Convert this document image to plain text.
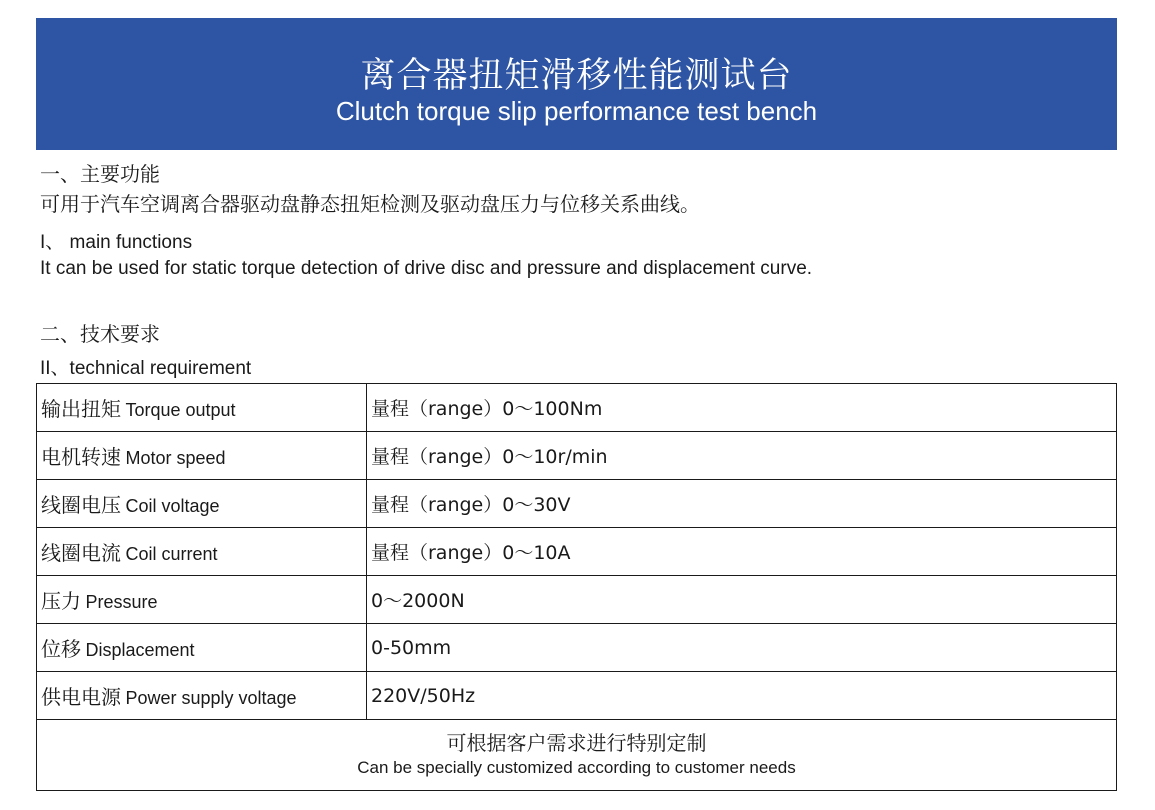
离合器扭矩滑移性能测试台
Clutch torque slip performance test bench
一、主要功能
可用于汽车空调离合器驱动盘静态扭矩检测及驱动盘压力与位移关系曲线。
I、 main functions
It can be used for static torque detection of drive disc and pressure and displacement curve.
二、技术要求
II、technical requirement
输出扭矩 Torque output	量程（range）0～100Nm
电机转速 Motor speed	量程（range）0～10r/min
线圈电压 Coil voltage	量程（range）0～30V
线圈电流 Coil current	量程（range）0～10A
压力 Pressure	0～2000N
位移 Displacement	0-50mm
供电电源 Power supply voltage	220V/50Hz

可根据客户需求进行特别定制
Can be specially customized according to customer needs	
